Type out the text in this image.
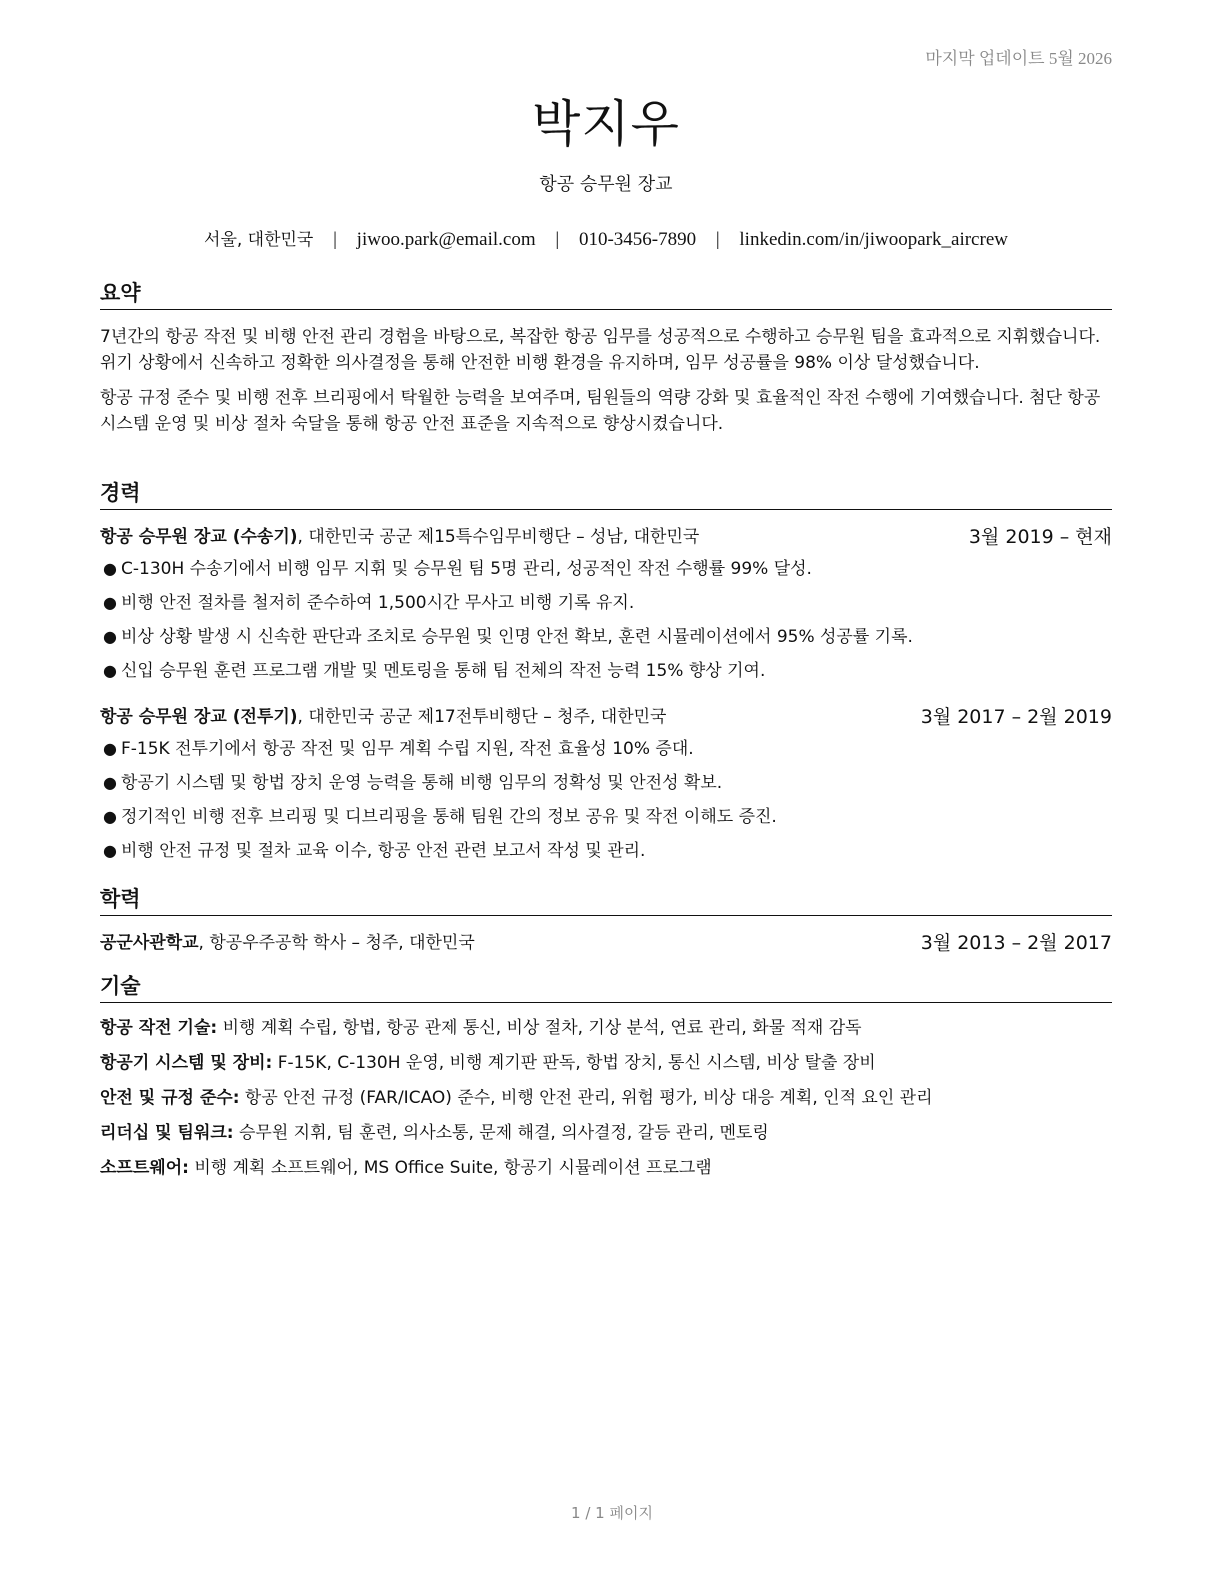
마지막 업데이트 5월 2026
박지우
항공 승무원 장교
서울, 대한민국 | jiwoo.park@email.com | 010-3456-7890 | linkedin.com/in/jiwoopark_aircrew
요약

7년간의 항공 작전 및 비행 안전 관리 경험을 바탕으로, 복잡한 항공 임무를 성공적으로 수행하고 승무원 팀을 효과적으로 지휘했습니다. 위기 상황에서 신속하고 정확한 의사결정을 통해 안전한 비행 환경을 유지하며, 임무 성공률을 98% 이상 달성했습니다.

항공 규정 준수 및 비행 전후 브리핑에서 탁월한 능력을 보여주며, 팀원들의 역량 강화 및 효율적인 작전 수행에 기여했습니다. 첨단 항공 시스템 운영 및 비상 절차 숙달을 통해 항공 안전 표준을 지속적으로 향상시켰습니다.

경력
항공 승무원 장교 (수송기), 대한민국 공군 제15특수임무비행단 – 성남, 대한민국	3월 2019 – 현재
● C-130H 수송기에서 비행 임무 지휘 및 승무원 팀 5명 관리, 성공적인 작전 수행률 99% 달성.
● 비행 안전 절차를 철저히 준수하여 1,500시간 무사고 비행 기록 유지.
● 비상 상황 발생 시 신속한 판단과 조치로 승무원 및 인명 안전 확보, 훈련 시뮬레이션에서 95% 성공률 기록.
● 신입 승무원 훈련 프로그램 개발 및 멘토링을 통해 팀 전체의 작전 능력 15% 향상 기여.
항공 승무원 장교 (전투기), 대한민국 공군 제17전투비행단 – 청주, 대한민국	3월 2017 – 2월 2019
● F-15K 전투기에서 항공 작전 및 임무 계획 수립 지원, 작전 효율성 10% 증대.
● 항공기 시스템 및 항법 장치 운영 능력을 통해 비행 임무의 정확성 및 안전성 확보.
● 정기적인 비행 전후 브리핑 및 디브리핑을 통해 팀원 간의 정보 공유 및 작전 이해도 증진.
● 비행 안전 규정 및 절차 교육 이수, 항공 안전 관련 보고서 작성 및 관리.
학력
공군사관학교, 항공우주공학 학사 – 청주, 대한민국	3월 2013 – 2월 2017
기술
항공 작전 기술: 비행 계획 수립, 항법, 항공 관제 통신, 비상 절차, 기상 분석, 연료 관리, 화물 적재 감독
항공기 시스템 및 장비: F-15K, C-130H 운영, 비행 계기판 판독, 항법 장치, 통신 시스템, 비상 탈출 장비
안전 및 규정 준수: 항공 안전 규정 (FAR/ICAO) 준수, 비행 안전 관리, 위험 평가, 비상 대응 계획, 인적 요인 관리
리더십 및 팀워크: 승무원 지휘, 팀 훈련, 의사소통, 문제 해결, 의사결정, 갈등 관리, 멘토링
소프트웨어: 비행 계획 소프트웨어, MS Office Suite, 항공기 시뮬레이션 프로그램
1 / 1 페이지
